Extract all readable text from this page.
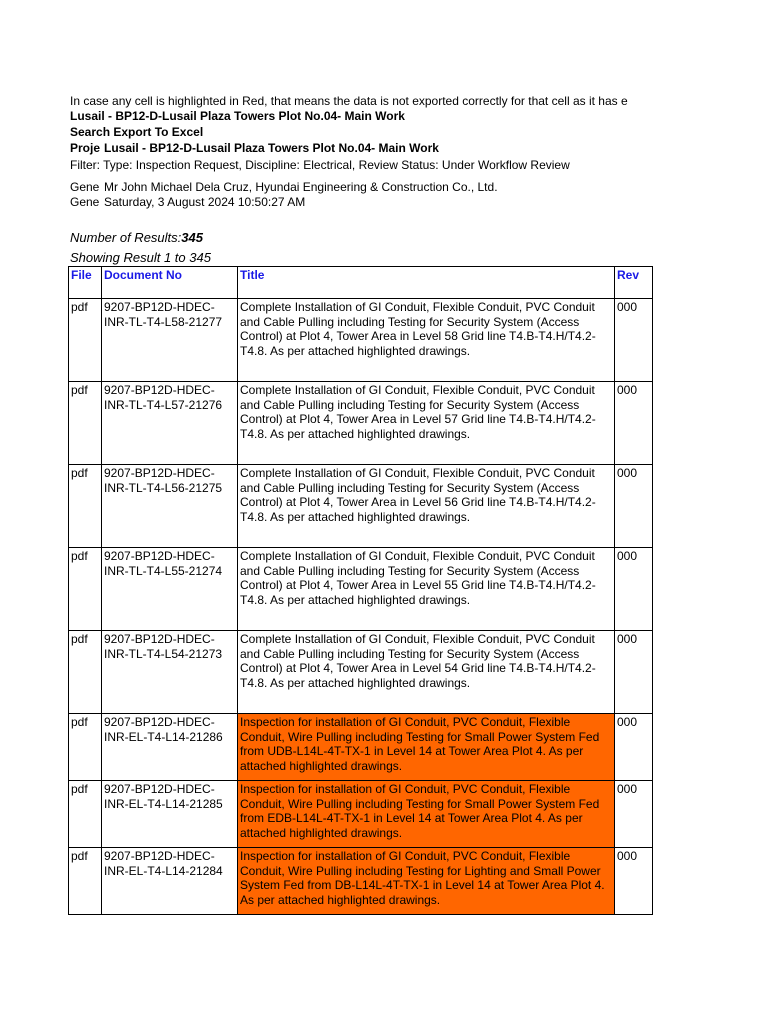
In case any cell is highlighted in Red, that means the data is not exported correctly for that cell as it has e
Lusail - BP12-D-Lusail Plaza Towers Plot No.04- Main Work
Search Export To Excel
Proje Lusail - BP12-D-Lusail Plaza Towers Plot No.04- Main Work
Filter: Type: Inspection Request, Discipline: Electrical, Review Status: Under Workflow Review
Gene Mr John Michael Dela Cruz, Hyundai Engineering & Construction Co., Ltd.
Gene Saturday, 3 August 2024 10:50:27 AM
Number of Results:345
Showing Result 1 to 345
File	Document No	Title	Rev
pdf	9207-BP12D-HDEC-INR-TL-T4-L58-21277	Complete Installation of GI Conduit, Flexible Conduit, PVC Conduit and Cable Pulling including Testing for Security System (Access Control) at Plot 4, Tower Area in Level 58 Grid line T4.B-T4.H/T4.2-T4.8. As per attached highlighted drawings.	000
pdf	9207-BP12D-HDEC-INR-TL-T4-L57-21276	Complete Installation of GI Conduit, Flexible Conduit, PVC Conduit and Cable Pulling including Testing for Security System (Access Control) at Plot 4, Tower Area in Level 57 Grid line T4.B-T4.H/T4.2-T4.8. As per attached highlighted drawings.	000
pdf	9207-BP12D-HDEC-INR-TL-T4-L56-21275	Complete Installation of GI Conduit, Flexible Conduit, PVC Conduit and Cable Pulling including Testing for Security System (Access Control) at Plot 4, Tower Area in Level 56 Grid line T4.B-T4.H/T4.2-T4.8. As per attached highlighted drawings.	000
pdf	9207-BP12D-HDEC-INR-TL-T4-L55-21274	Complete Installation of GI Conduit, Flexible Conduit, PVC Conduit and Cable Pulling including Testing for Security System (Access Control) at Plot 4, Tower Area in Level 55 Grid line T4.B-T4.H/T4.2-T4.8. As per attached highlighted drawings.	000
pdf	9207-BP12D-HDEC-INR-TL-T4-L54-21273	Complete Installation of GI Conduit, Flexible Conduit, PVC Conduit and Cable Pulling including Testing for Security System (Access Control) at Plot 4, Tower Area in Level 54 Grid line T4.B-T4.H/T4.2-T4.8. As per attached highlighted drawings.	000
pdf	9207-BP12D-HDEC-INR-EL-T4-L14-21286	Inspection for installation of GI Conduit, PVC Conduit, Flexible Conduit, Wire Pulling including Testing for Small Power System Fed from UDB-L14L-4T-TX-1 in Level 14 at Tower Area Plot 4. As per attached highlighted drawings.	000
pdf	9207-BP12D-HDEC-INR-EL-T4-L14-21285	Inspection for installation of GI Conduit, PVC Conduit, Flexible Conduit, Wire Pulling including Testing for Small Power System Fed from EDB-L14L-4T-TX-1 in Level 14 at Tower Area Plot 4. As per attached highlighted drawings.	000
pdf	9207-BP12D-HDEC-INR-EL-T4-L14-21284	Inspection for installation of GI Conduit, PVC Conduit, Flexible Conduit, Wire Pulling including Testing for Lighting and Small Power System Fed from DB-L14L-4T-TX-1 in Level 14 at Tower Area Plot 4. As per attached highlighted drawings.	000
